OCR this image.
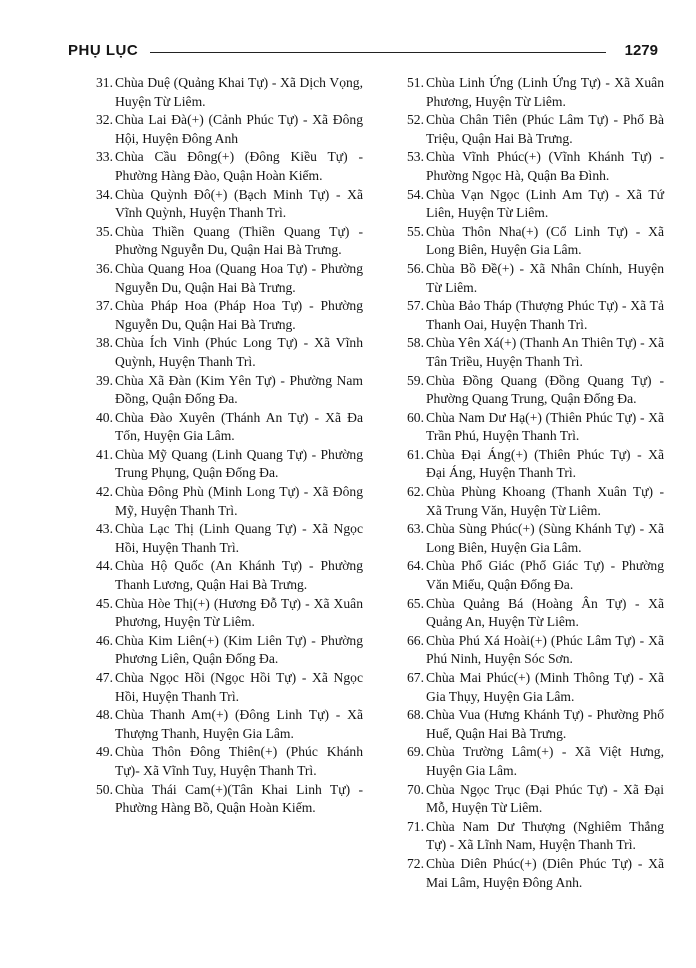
PHỤ LỤC	1279
31. Chùa Duệ (Quảng Khai Tự) - Xã Dịch Vọng, Huyện Từ Liêm.
32. Chùa Lai Đà(+) (Cảnh Phúc Tự) - Xã Đông Hội, Huyện Đông Anh
33. Chùa Cầu Đông(+) (Đông Kiều Tự) - Phường Hàng Đào, Quận Hoàn Kiếm.
34. Chùa Quỳnh Đô(+) (Bạch Minh Tự) - Xã Vĩnh Quỳnh, Huyện Thanh Trì.
35. Chùa Thiền Quang (Thiền Quang Tự) - Phường Nguyễn Du, Quận Hai Bà Trưng.
36. Chùa Quang Hoa (Quang Hoa Tự) - Phường Nguyễn Du, Quận Hai Bà Trưng.
37. Chùa Pháp Hoa (Pháp Hoa Tự) - Phường Nguyễn Du, Quận Hai Bà Trưng.
38. Chùa Ích Vinh (Phúc Long Tự) - Xã Vĩnh Quỳnh, Huyện Thanh Trì.
39. Chùa Xã Đàn (Kim Yên Tự) - Phường Nam Đồng, Quận Đống Đa.
40. Chùa Đào Xuyên (Thánh An Tự) - Xã Đa Tốn, Huyện Gia Lâm.
41. Chùa Mỹ Quang (Linh Quang Tự) - Phường Trung Phụng, Quận Đống Đa.
42. Chùa Đông Phù (Minh Long Tự) - Xã Đông Mỹ, Huyện Thanh Trì.
43. Chùa Lạc Thị (Linh Quang Tự) - Xã Ngọc Hồi, Huyện Thanh Trì.
44. Chùa Hộ Quốc (An Khánh Tự) - Phường Thanh Lương, Quận Hai Bà Trưng.
45. Chùa Hòe Thị(+) (Hương Đỗ Tự) - Xã Xuân Phương, Huyện Từ Liêm.
46. Chùa Kim Liên(+) (Kim Liên Tự) - Phường Phương Liên, Quận Đống Đa.
47. Chùa Ngọc Hồi (Ngọc Hồi Tự) - Xã Ngọc Hồi, Huyện Thanh Trì.
48. Chùa Thanh Am(+) (Đông Linh Tự) - Xã Thượng Thanh, Huyện Gia Lâm.
49. Chùa Thôn Đông Thiên(+) (Phúc Khánh Tự)- Xã Vĩnh Tuy, Huyện Thanh Trì.
50. Chùa Thái Cam(+)(Tân Khai Linh Tự) - Phường Hàng Bồ, Quận Hoàn Kiếm.
51. Chùa Linh Ứng (Linh Ứng Tự) - Xã Xuân Phương, Huyện Từ Liêm.
52. Chùa Chân Tiên (Phúc Lâm Tự) - Phố Bà Triệu, Quận Hai Bà Trưng.
53. Chùa Vĩnh Phúc(+) (Vĩnh Khánh Tự) - Phường Ngọc Hà, Quận Ba Đình.
54. Chùa Vạn Ngọc (Linh Am Tự) - Xã Tứ Liên, Huyện Từ Liêm.
55. Chùa Thôn Nha(+) (Cổ Linh Tự) - Xã Long Biên, Huyện Gia Lâm.
56. Chùa Bồ Đề(+) - Xã Nhân Chính, Huyện Từ Liêm.
57. Chùa Bảo Tháp (Thượng Phúc Tự) - Xã Tả Thanh Oai, Huyện Thanh Trì.
58. Chùa Yên Xá(+) (Thanh An Thiên Tự) - Xã Tân Triều, Huyện Thanh Trì.
59. Chùa Đồng Quang (Đồng Quang Tự) - Phường Quang Trung, Quận Đống Đa.
60. Chùa Nam Dư Hạ(+) (Thiên Phúc Tự) - Xã Trần Phú, Huyện Thanh Trì.
61. Chùa Đại Áng(+) (Thiên Phúc Tự) - Xã Đại Áng, Huyện Thanh Trì.
62. Chùa Phùng Khoang (Thanh Xuân Tự) - Xã Trung Văn, Huyện Từ Liêm.
63. Chùa Sùng Phúc(+) (Sùng Khánh Tự) - Xã Long Biên, Huyện Gia Lâm.
64. Chùa Phổ Giác (Phổ Giác Tự) - Phường Văn Miếu, Quận Đống Đa.
65. Chùa Quảng Bá (Hoàng Ân Tự) - Xã Quảng An, Huyện Từ Liêm.
66. Chùa Phú Xá Hoài(+) (Phúc Lâm Tự) - Xã Phú Ninh, Huyện Sóc Sơn.
67. Chùa Mai Phúc(+) (Minh Thông Tự) - Xã Gia Thụy, Huyện Gia Lâm.
68. Chùa Vua (Hưng Khánh Tự) - Phường Phố Huế, Quận Hai Bà Trưng.
69. Chùa Trường Lâm(+) - Xã Việt Hưng, Huyện Gia Lâm.
70. Chùa Ngọc Trục (Đại Phúc Tự) - Xã Đại Mỗ, Huyện Từ Liêm.
71. Chùa Nam Dư Thượng (Nghiêm Thắng Tự) - Xã Lĩnh Nam, Huyện Thanh Trì.
72. Chùa Diên Phúc(+) (Diên Phúc Tự) - Xã Mai Lâm, Huyện Đông Anh.
